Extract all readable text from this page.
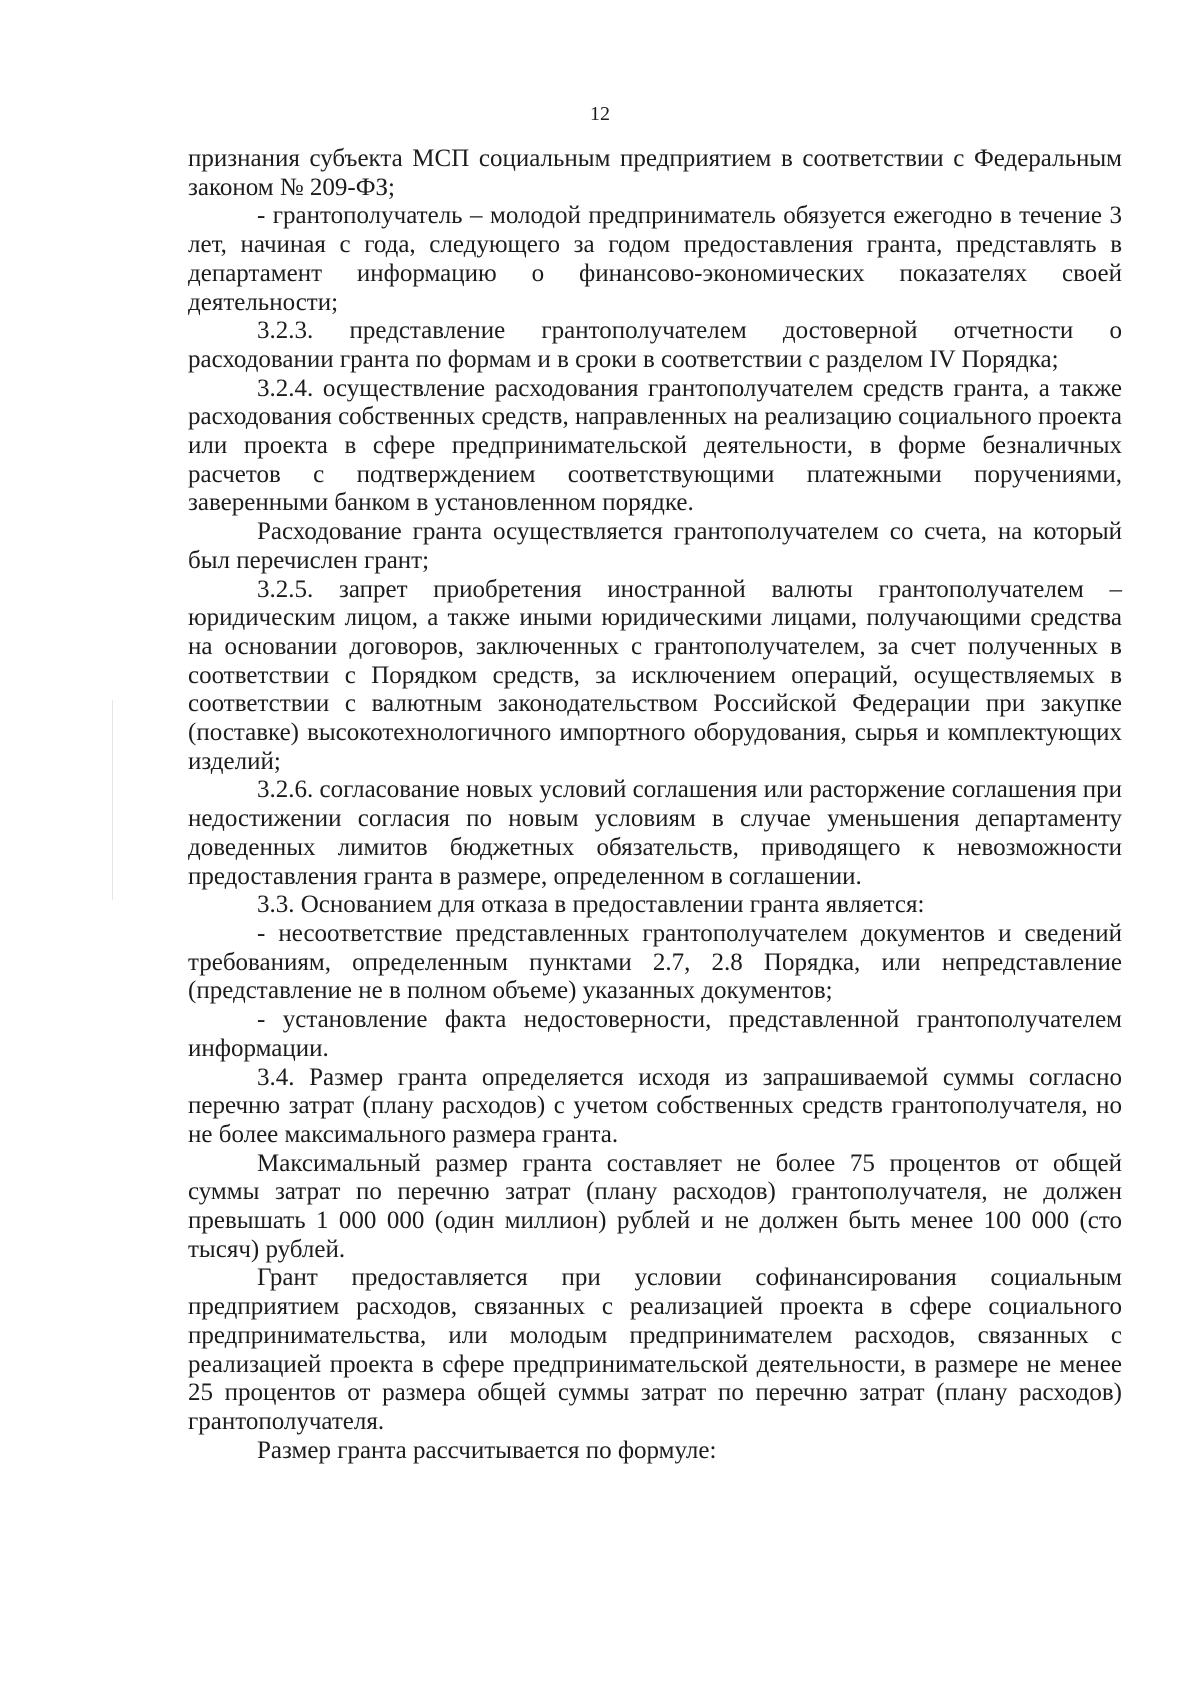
12

признания субъекта МСП социальным предприятием в соответствии с Федеральным законом № 209-ФЗ;

- грантополучатель – молодой предприниматель обязуется ежегодно в течение 3 лет, начиная с года, следующего за годом предоставления гранта, представлять в департамент информацию о финансово-экономических показателях своей деятельности;

3.2.3. представление грантополучателем достоверной отчетности о расходовании гранта по формам и в сроки в соответствии с разделом IV Порядка;

3.2.4. осуществление расходования грантополучателем средств гранта, а также расходования собственных средств, направленных на реализацию социального проекта или проекта в сфере предпринимательской деятельности, в форме безналичных расчетов с подтверждением соответствующими платежными поручениями, заверенными банком в установленном порядке.

Расходование гранта осуществляется грантополучателем со счета, на который был перечислен грант;

3.2.5. запрет приобретения иностранной валюты грантополучателем – юридическим лицом, а также иными юридическими лицами, получающими средства на основании договоров, заключенных с грантополучателем, за счет полученных в соответствии с Порядком средств, за исключением операций, осуществляемых в соответствии с валютным законодательством Российской Федерации при закупке (поставке) высокотехнологичного импортного оборудования, сырья и комплектующих изделий;

3.2.6. согласование новых условий соглашения или расторжение соглашения при недостижении согласия по новым условиям в случае уменьшения департаменту доведенных лимитов бюджетных обязательств, приводящего к невозможности предоставления гранта в размере, определенном в соглашении.

3.3. Основанием для отказа в предоставлении гранта является:

- несоответствие представленных грантополучателем документов и сведений требованиям, определенным пунктами 2.7, 2.8 Порядка, или непредставление (представление не в полном объеме) указанных документов;

- установление факта недостоверности, представленной грантополучателем информации.

3.4. Размер гранта определяется исходя из запрашиваемой суммы согласно перечню затрат (плану расходов) с учетом собственных средств грантополучателя, но не более максимального размера гранта.

Максимальный размер гранта составляет не более 75 процентов от общей суммы затрат по перечню затрат (плану расходов) грантополучателя, не должен превышать 1 000 000 (один миллион) рублей и не должен быть менее 100 000 (сто тысяч) рублей.

Грант предоставляется при условии софинансирования социальным предприятием расходов, связанных с реализацией проекта в сфере социального предпринимательства, или молодым предпринимателем расходов, связанных с реализацией проекта в сфере предпринимательской деятельности, в размере не менее 25 процентов от размера общей суммы затрат по перечню затрат (плану расходов) грантополучателя.

Размер гранта рассчитывается по формуле:
